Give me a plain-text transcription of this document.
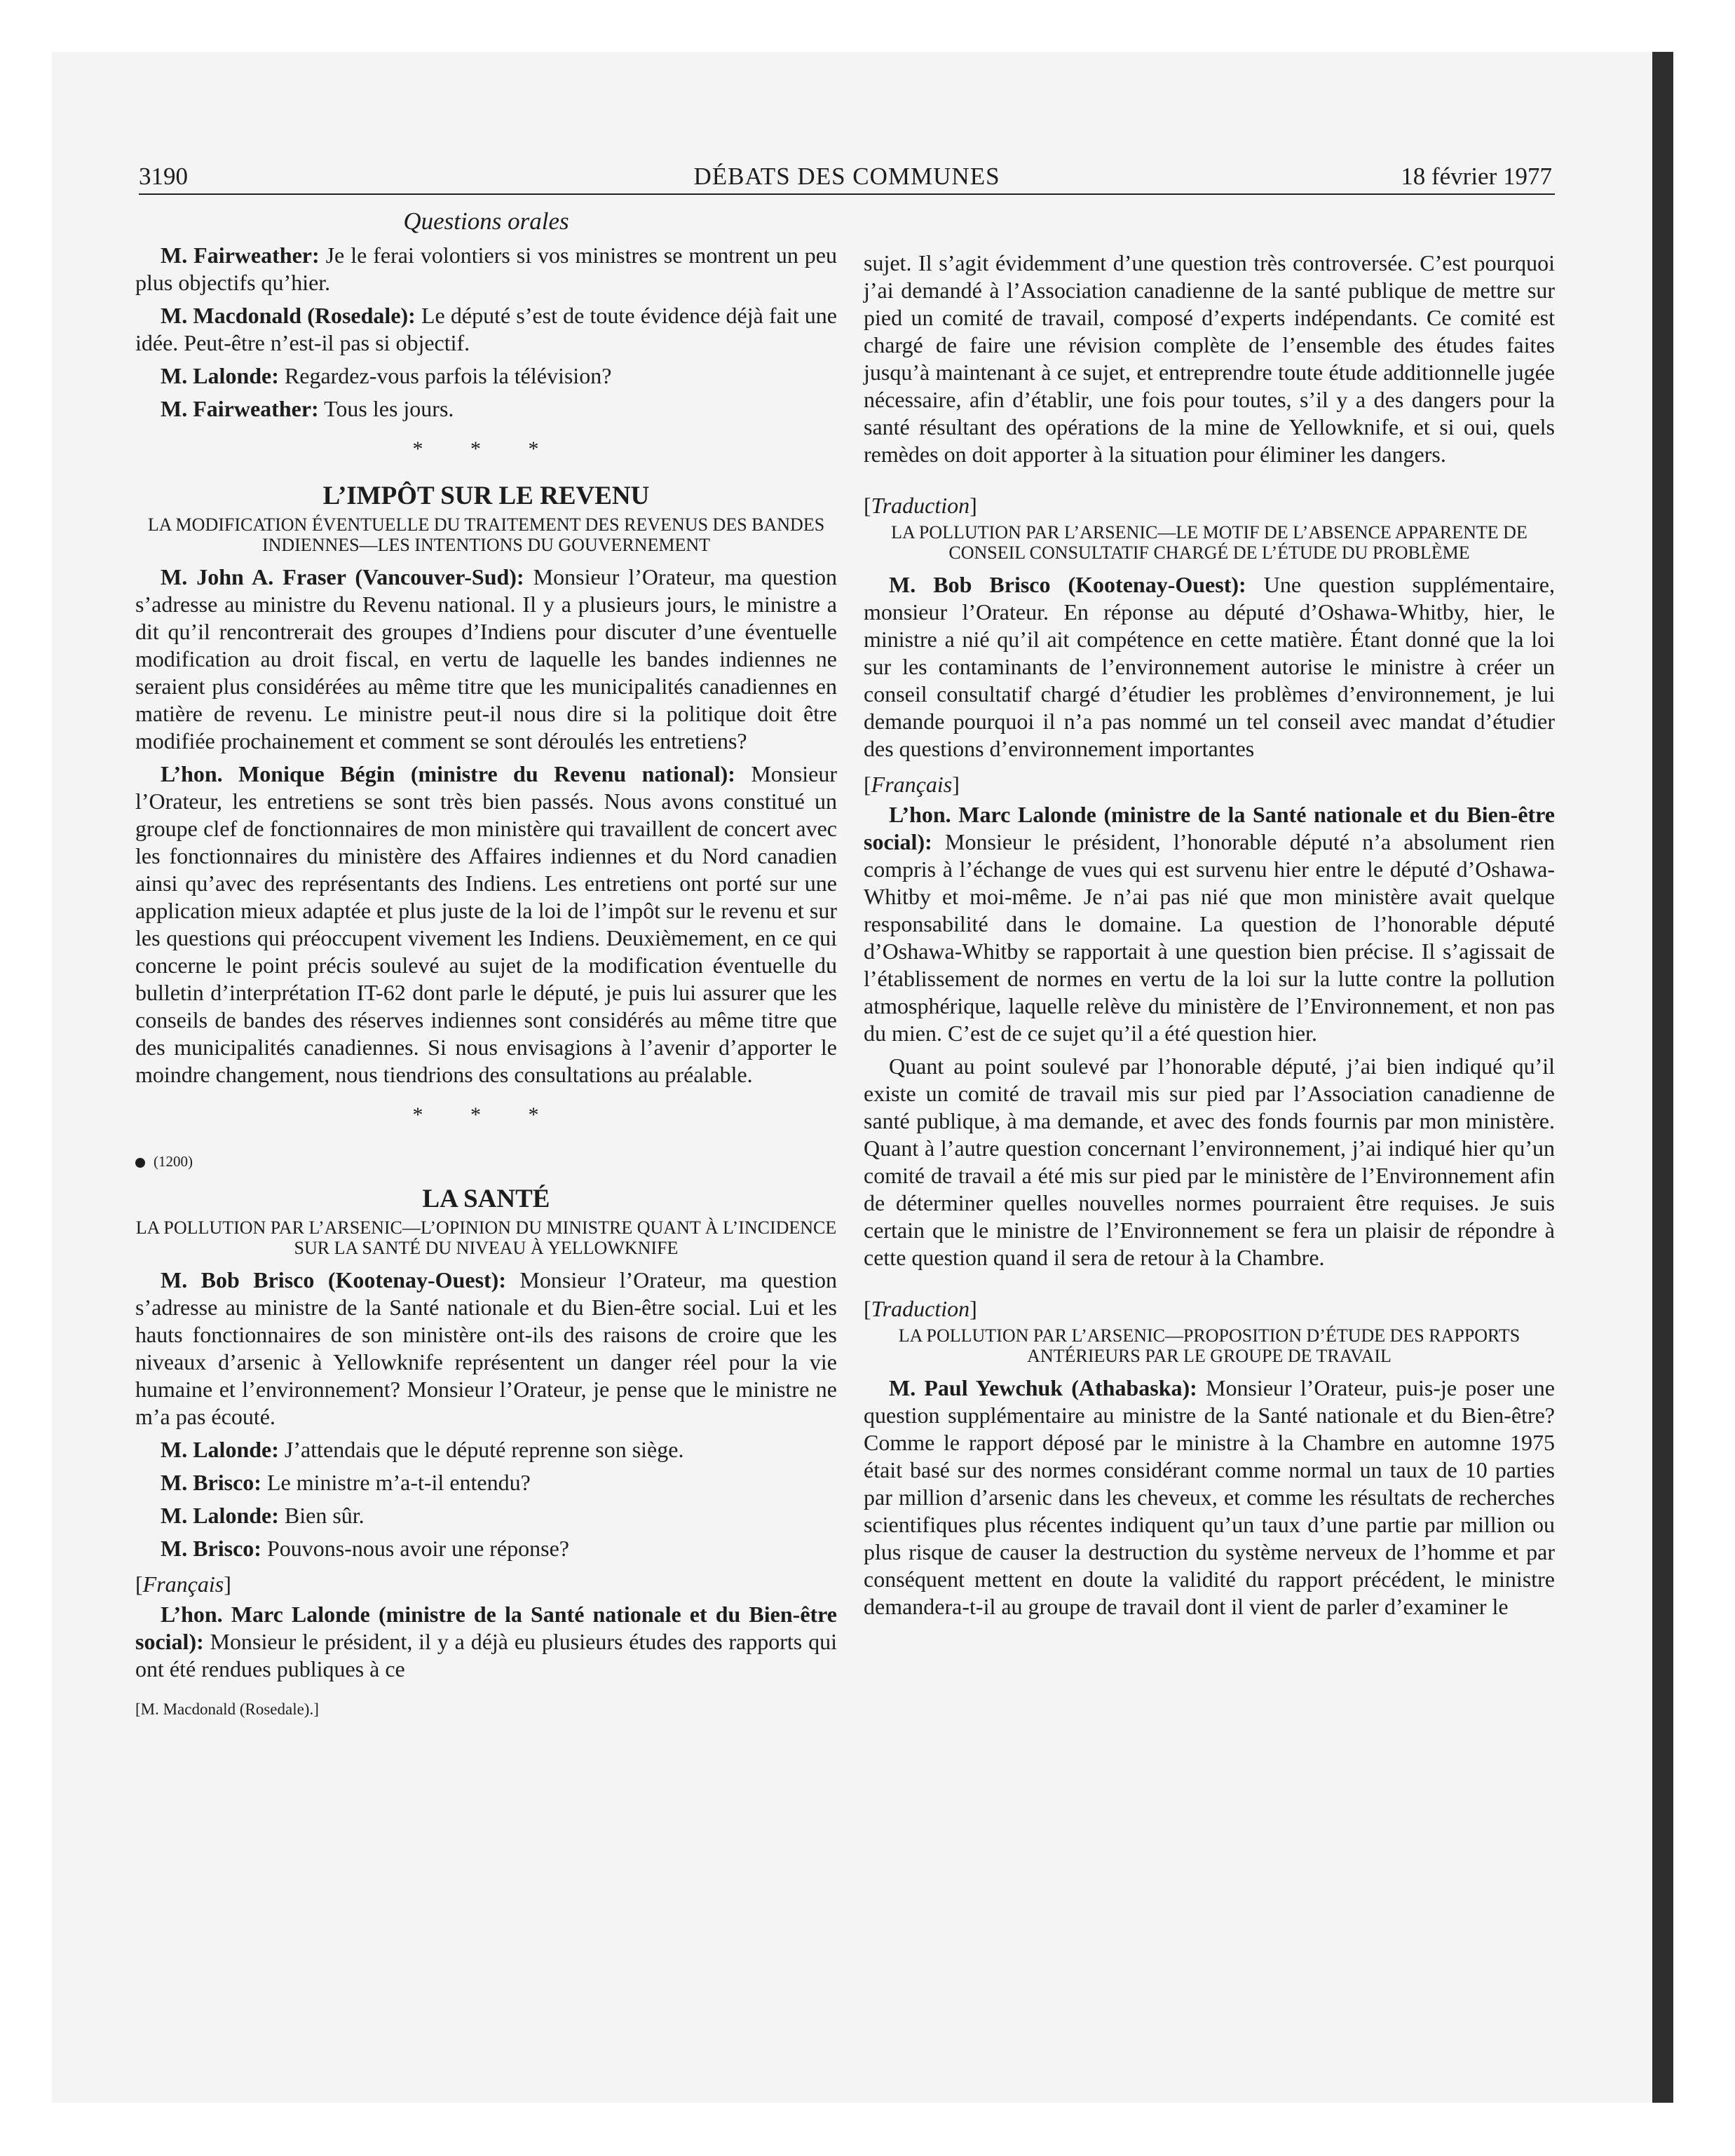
3190	DÉBATS DES COMMUNES	18 février 1977
Questions orales

M. Fairweather: Je le ferai volontiers si vos ministres se montrent un peu plus objectifs qu’hier.

M. Macdonald (Rosedale): Le député s’est de toute évidence déjà fait une idée. Peut-être n’est-il pas si objectif.

M. Lalonde: Regardez-vous parfois la télévision?

M. Fairweather: Tous les jours.

* * *
L’IMPÔT SUR LE REVENU
LA MODIFICATION ÉVENTUELLE DU TRAITEMENT DES REVENUS DES BANDES INDIENNES—LES INTENTIONS DU GOUVERNEMENT

M. John A. Fraser (Vancouver-Sud): Monsieur l’Orateur, ma question s’adresse au ministre du Revenu national. Il y a plusieurs jours, le ministre a dit qu’il rencontrerait des groupes d’Indiens pour discuter d’une éventuelle modification au droit fiscal, en vertu de laquelle les bandes indiennes ne seraient plus considérées au même titre que les municipalités canadiennes en matière de revenu. Le ministre peut-il nous dire si la politique doit être modifiée prochainement et comment se sont déroulés les entretiens?

L’hon. Monique Bégin (ministre du Revenu national): Monsieur l’Orateur, les entretiens se sont très bien passés. Nous avons constitué un groupe clef de fonctionnaires de mon ministère qui travaillent de concert avec les fonctionnaires du ministère des Affaires indiennes et du Nord canadien ainsi qu’avec des représentants des Indiens. Les entretiens ont porté sur une application mieux adaptée et plus juste de la loi de l’impôt sur le revenu et sur les questions qui préoccupent vivement les Indiens. Deuxièmement, en ce qui concerne le point précis soulevé au sujet de la modification éventuelle du bulletin d’interprétation IT-62 dont parle le député, je puis lui assurer que les conseils de bandes des réserves indiennes sont considérés au même titre que des municipalités canadiennes. Si nous envisagions à l’avenir d’apporter le moindre changement, nous tiendrions des consultations au préalable.

* * *
(1200)
LA SANTÉ
LA POLLUTION PAR L’ARSENIC—L’OPINION DU MINISTRE QUANT À L’INCIDENCE SUR LA SANTÉ DU NIVEAU À YELLOWKNIFE

M. Bob Brisco (Kootenay-Ouest): Monsieur l’Orateur, ma question s’adresse au ministre de la Santé nationale et du Bien-être social. Lui et les hauts fonctionnaires de son ministère ont-ils des raisons de croire que les niveaux d’arsenic à Yellowknife représentent un danger réel pour la vie humaine et l’environnement? Monsieur l’Orateur, je pense que le ministre ne m’a pas écouté.

M. Lalonde: J’attendais que le député reprenne son siège.

M. Brisco: Le ministre m’a-t-il entendu?

M. Lalonde: Bien sûr.

M. Brisco: Pouvons-nous avoir une réponse?

[Français]

L’hon. Marc Lalonde (ministre de la Santé nationale et du Bien-être social): Monsieur le président, il y a déjà eu plusieurs études des rapports qui ont été rendues publiques à ce

[M. Macdonald (Rosedale).]

sujet. Il s’agit évidemment d’une question très controversée. C’est pourquoi j’ai demandé à l’Association canadienne de la santé publique de mettre sur pied un comité de travail, composé d’experts indépendants. Ce comité est chargé de faire une révision complète de l’ensemble des études faites jusqu’à maintenant à ce sujet, et entreprendre toute étude additionnelle jugée nécessaire, afin d’établir, une fois pour toutes, s’il y a des dangers pour la santé résultant des opérations de la mine de Yellowknife, et si oui, quels remèdes on doit apporter à la situation pour éliminer les dangers.

[Traduction]
LA POLLUTION PAR L’ARSENIC—LE MOTIF DE L’ABSENCE APPARENTE DE CONSEIL CONSULTATIF CHARGÉ DE L’ÉTUDE DU PROBLÈME

M. Bob Brisco (Kootenay-Ouest): Une question supplémentaire, monsieur l’Orateur. En réponse au député d’Oshawa-Whitby, hier, le ministre a nié qu’il ait compétence en cette matière. Étant donné que la loi sur les contaminants de l’environnement autorise le ministre à créer un conseil consultatif chargé d’étudier les problèmes d’environnement, je lui demande pourquoi il n’a pas nommé un tel conseil avec mandat d’étudier des questions d’environnement importantes

[Français]

L’hon. Marc Lalonde (ministre de la Santé nationale et du Bien-être social): Monsieur le président, l’honorable député n’a absolument rien compris à l’échange de vues qui est survenu hier entre le député d’Oshawa-Whitby et moi-même. Je n’ai pas nié que mon ministère avait quelque responsabilité dans le domaine. La question de l’honorable député d’Oshawa-Whitby se rapportait à une question bien précise. Il s’agissait de l’établissement de normes en vertu de la loi sur la lutte contre la pollution atmosphérique, laquelle relève du ministère de l’Environnement, et non pas du mien. C’est de ce sujet qu’il a été question hier.

Quant au point soulevé par l’honorable député, j’ai bien indiqué qu’il existe un comité de travail mis sur pied par l’Association canadienne de santé publique, à ma demande, et avec des fonds fournis par mon ministère. Quant à l’autre question concernant l’environnement, j’ai indiqué hier qu’un comité de travail a été mis sur pied par le ministère de l’Environnement afin de déterminer quelles nouvelles normes pourraient être requises. Je suis certain que le ministre de l’Environnement se fera un plaisir de répondre à cette question quand il sera de retour à la Chambre.

[Traduction]
LA POLLUTION PAR L’ARSENIC—PROPOSITION D’ÉTUDE DES RAPPORTS ANTÉRIEURS PAR LE GROUPE DE TRAVAIL

M. Paul Yewchuk (Athabaska): Monsieur l’Orateur, puis-je poser une question supplémentaire au ministre de la Santé nationale et du Bien-être? Comme le rapport déposé par le ministre à la Chambre en automne 1975 était basé sur des normes considérant comme normal un taux de 10 parties par million d’arsenic dans les cheveux, et comme les résultats de recherches scientifiques plus récentes indiquent qu’un taux d’une partie par million ou plus risque de causer la destruction du système nerveux de l’homme et par conséquent mettent en doute la validité du rapport précédent, le ministre demandera-t-il au groupe de travail dont il vient de parler d’examiner le
